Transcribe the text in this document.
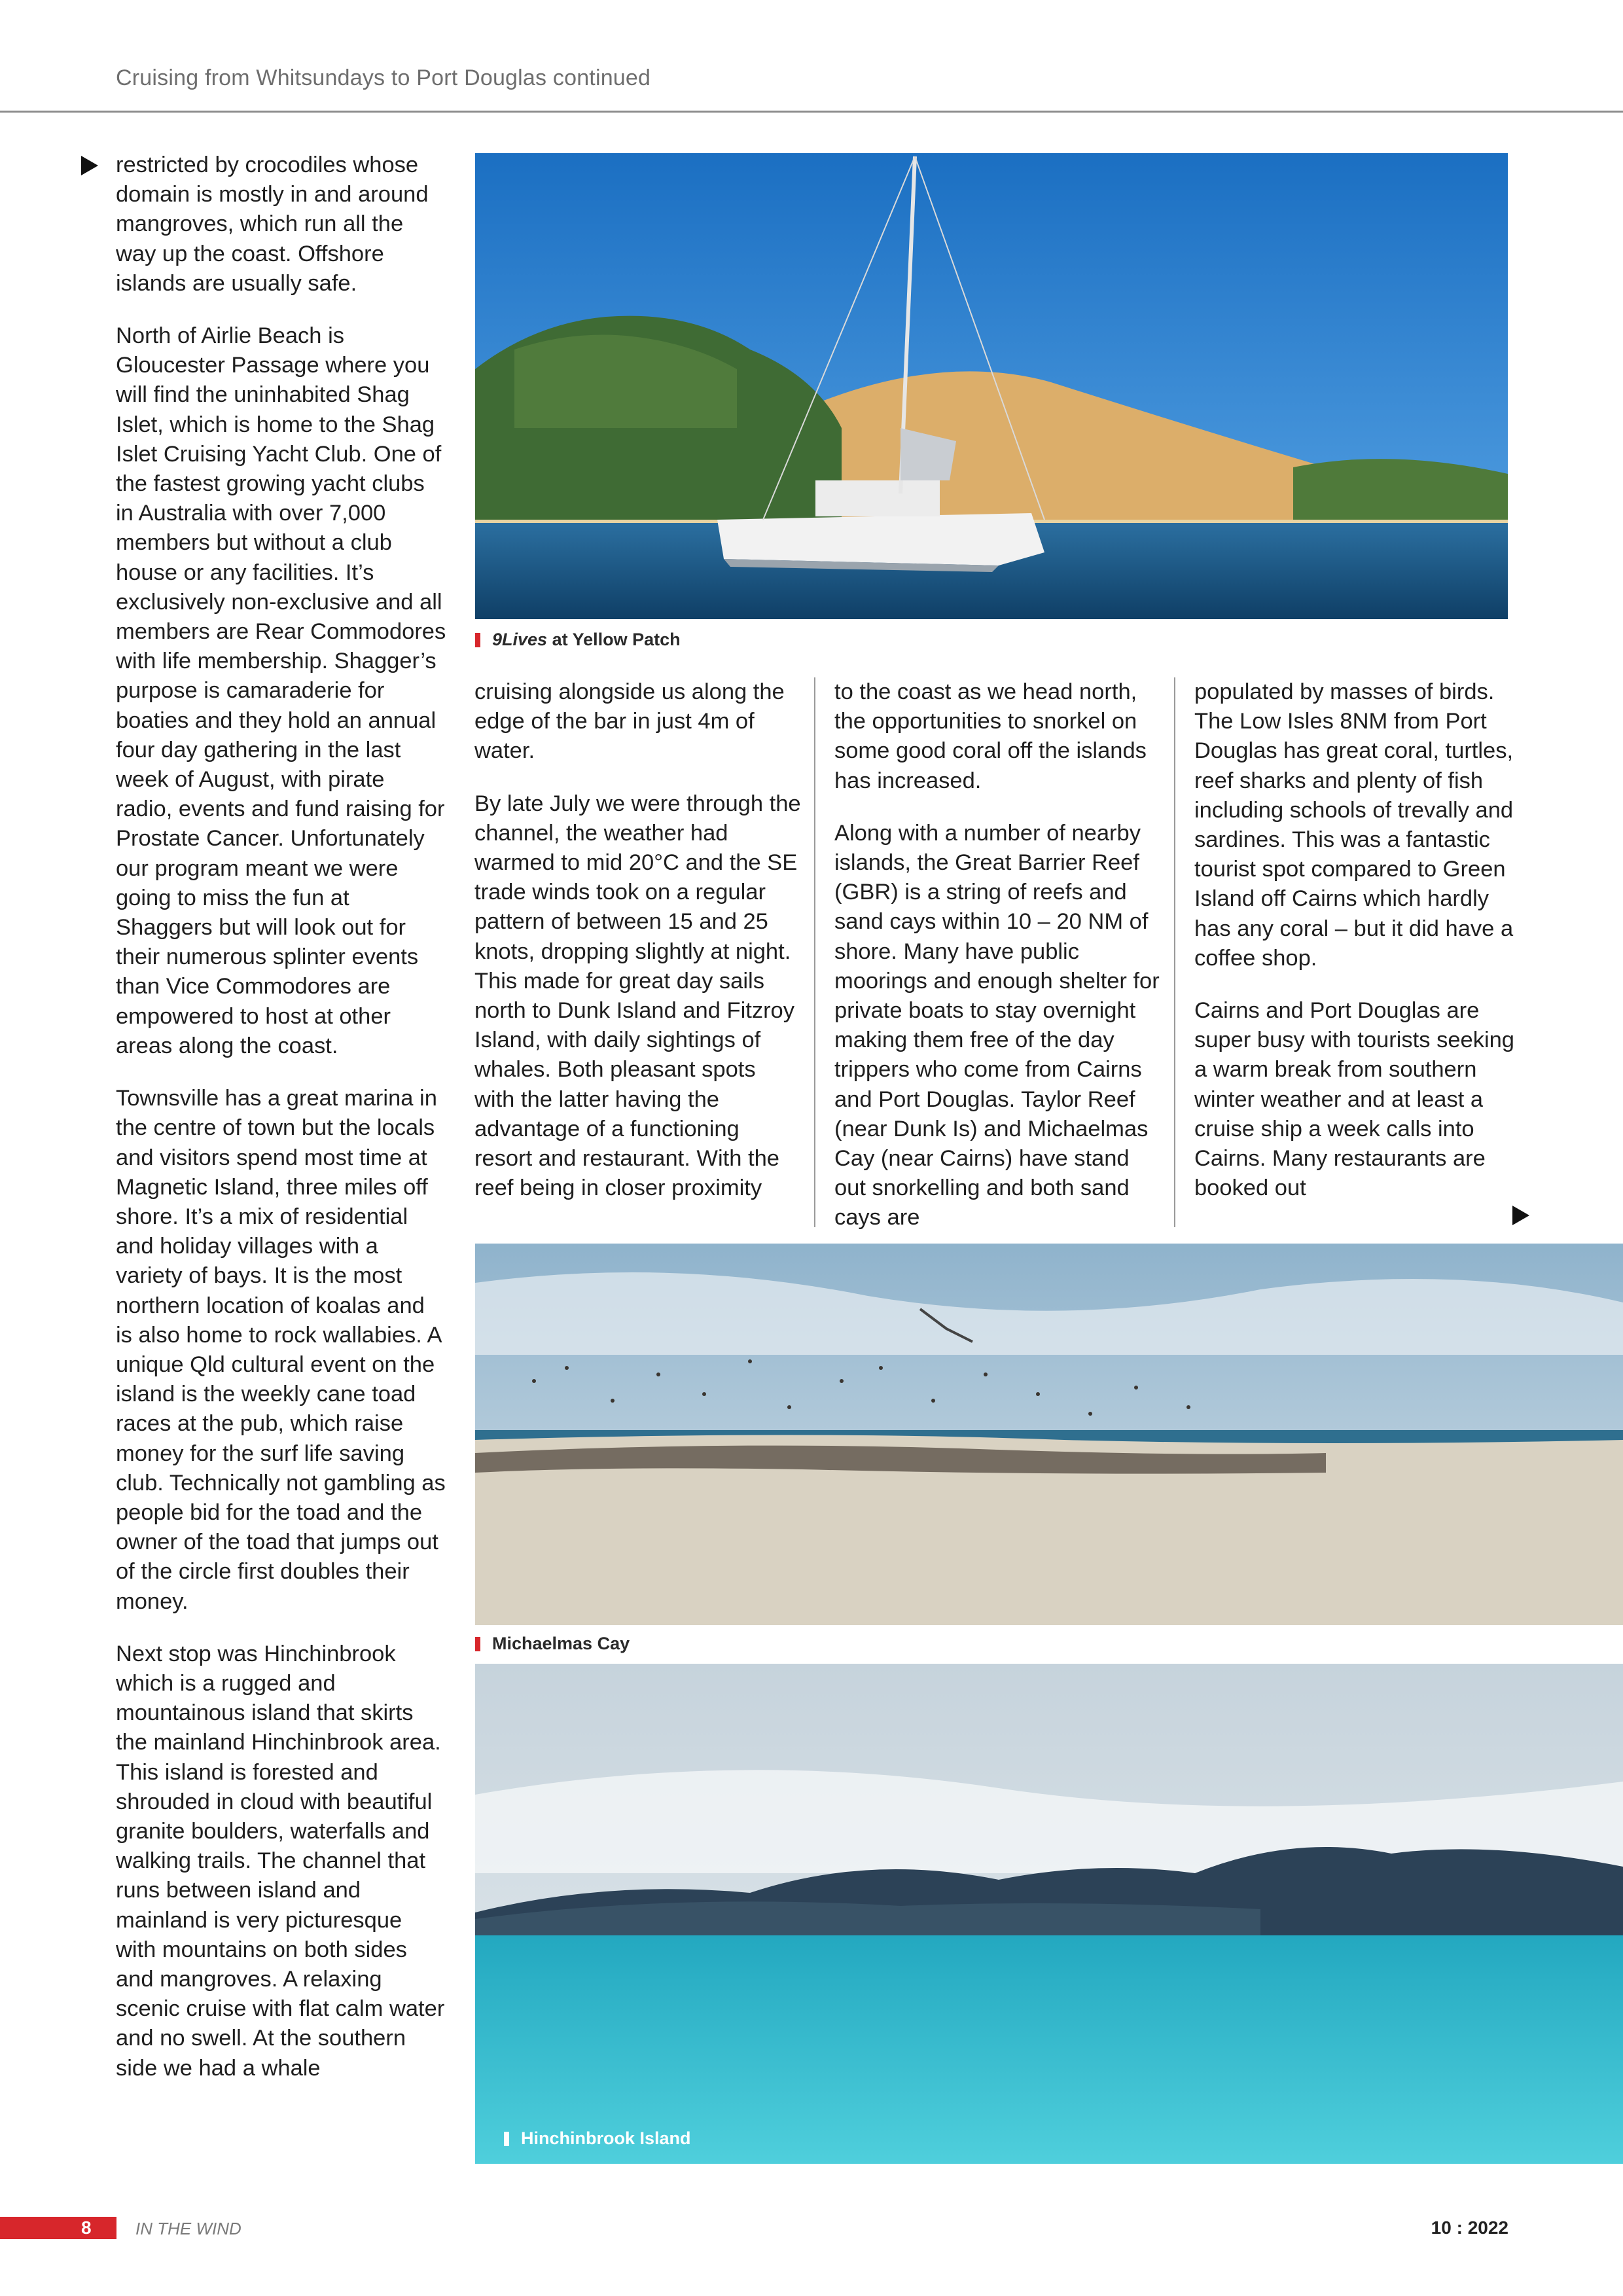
Cruising from Whitsundays to Port Douglas continued

restricted by crocodiles whose domain is mostly in and around mangroves, which run all the way up the coast. Offshore islands are usually safe.

North of Airlie Beach is Gloucester Passage where you will find the uninhabited Shag Islet, which is home to the Shag Islet Cruising Yacht Club. One of the fastest growing yacht clubs in Australia with over 7,000 members but without a club house or any facilities. It’s exclusively non-exclusive and all members are Rear Commodores with life membership. Shagger’s purpose is camaraderie for boaties and they hold an annual four day gathering in the last week of August, with pirate radio, events and fund raising for Prostate Cancer. Unfortunately our program meant we were going to miss the fun at Shaggers but will look out for their numerous splinter events than Vice Commodores are empowered to host at other areas along the coast.

Townsville has a great marina in the centre of town but the locals and visitors spend most time at Magnetic Island, three miles off shore. It’s a mix of residential and holiday villages with a variety of bays. It is the most northern location of koalas and is also home to rock wallabies. A unique Qld cultural event on the island is the weekly cane toad races at the pub, which raise money for the surf life saving club. Technically not gambling as people bid for the toad and the owner of the toad that jumps out of the circle first doubles their money.

Next stop was Hinchinbrook which is a rugged and mountainous island that skirts the mainland Hinchinbrook area. This island is forested and shrouded in cloud with beautiful granite boulders, waterfalls and walking trails. The channel that runs between island and mainland is very picturesque with mountains on both sides and mangroves. A relaxing scenic cruise with flat calm water and no swell. At the southern side we had a whale

9Lives at Yellow Patch

cruising alongside us along the edge of the bar in just 4m of water.

By late July we were through the channel, the weather had warmed to mid 20°C and the SE trade winds took on a regular pattern of between 15 and 25 knots, dropping slightly at night. This made for great day sails north to Dunk Island and Fitzroy Island, with daily sightings of whales. Both pleasant spots with the latter having the advantage of a functioning resort and restaurant. With the reef being in closer proximity

to the coast as we head north, the opportunities to snorkel on some good coral off the islands has increased.

Along with a number of nearby islands, the Great Barrier Reef (GBR) is a string of reefs and sand cays within 10 – 20 NM of shore. Many have public moorings and enough shelter for private boats to stay overnight making them free of the day trippers who come from Cairns and Port Douglas. Taylor Reef (near Dunk Is) and Michaelmas Cay (near Cairns) have stand out snorkelling and both sand cays are

populated by masses of birds. The Low Isles 8NM from Port Douglas has great coral, turtles, reef sharks and plenty of fish including schools of trevally and sardines. This was a fantastic tourist spot compared to Green Island off Cairns which hardly has any coral – but it did have a coffee shop.

Cairns and Port Douglas are super busy with tourists seeking a warm break from southern winter weather and at least a cruise ship a week calls into Cairns. Many restaurants are booked out

Michaelmas Cay
Hinchinbrook Island
8	IN THE WIND	10 : 2022
